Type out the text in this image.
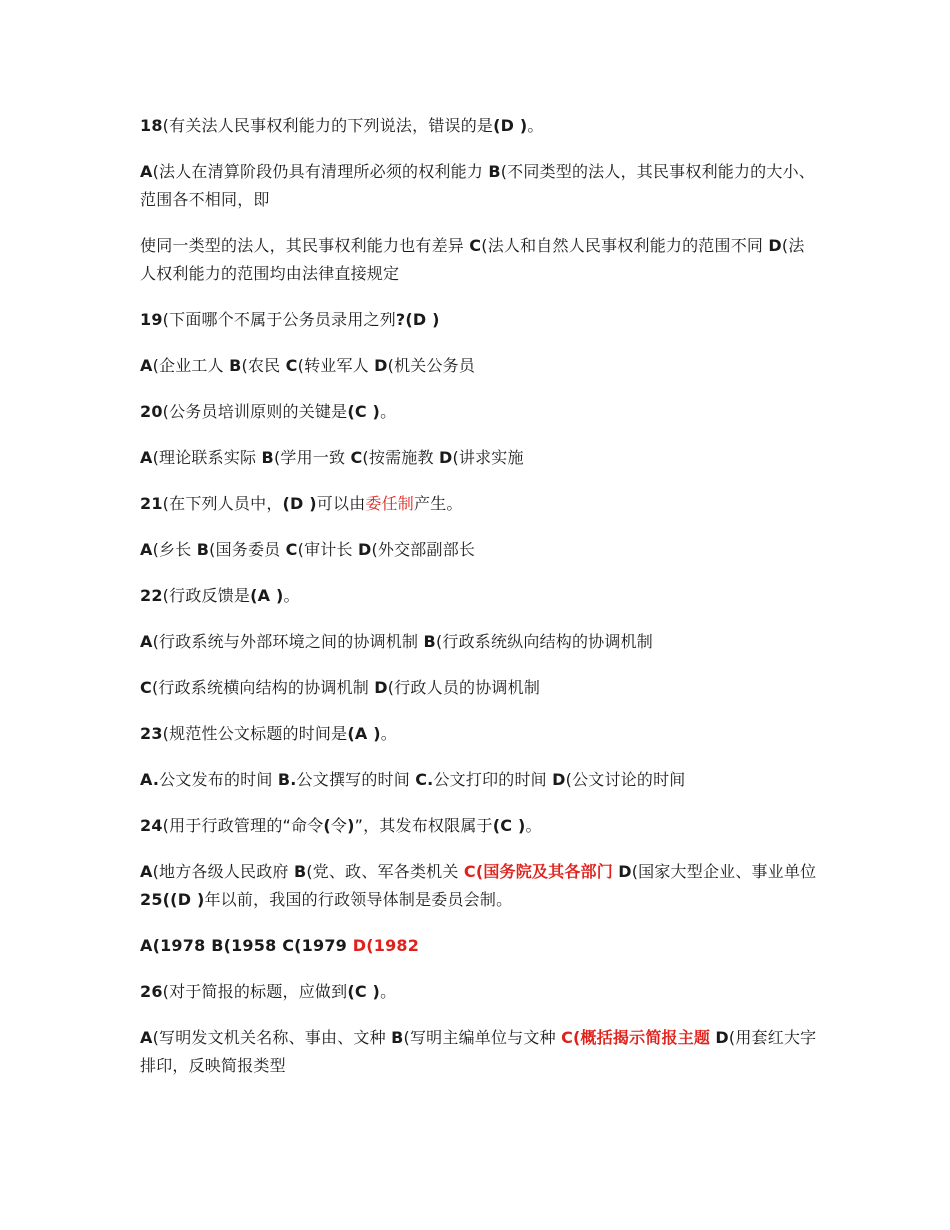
18(有关法人民事权利能力的下列说法，错误的是(D )。

A(法人在清算阶段仍具有清理所必须的权利能力 B(不同类型的法人，其民事权利能力的大小、范围各不相同，即

使同一类型的法人，其民事权利能力也有差异 C(法人和自然人民事权利能力的范围不同 D(法人权利能力的范围均由法律直接规定

19(下面哪个不属于公务员录用之列?(D )

A(企业工人 B(农民 C(转业军人 D(机关公务员

20(公务员培训原则的关键是(C )。

A(理论联系实际 B(学用一致 C(按需施教 D(讲求实施

21(在下列人员中，(D )可以由委任制产生。

A(乡长 B(国务委员 C(审计长 D(外交部副部长

22(行政反馈是(A )。

A(行政系统与外部环境之间的协调机制 B(行政系统纵向结构的协调机制

C(行政系统横向结构的协调机制 D(行政人员的协调机制

23(规范性公文标题的时间是(A )。

A.公文发布的时间 B.公文撰写的时间 C.公文打印的时间 D(公文讨论的时间

24(用于行政管理的“命令(令)”，其发布权限属于(C )。

A(地方各级人民政府 B(党、政、军各类机关 C(国务院及其各部门 D(国家大型企业、事业单位 25((D )年以前，我国的行政领导体制是委员会制。

A(1978 B(1958 C(1979 D(1982

26(对于简报的标题，应做到(C )。

A(写明发文机关名称、事由、文种 B(写明主编单位与文种 C(概括揭示简报主题 D(用套红大字排印，反映简报类型
